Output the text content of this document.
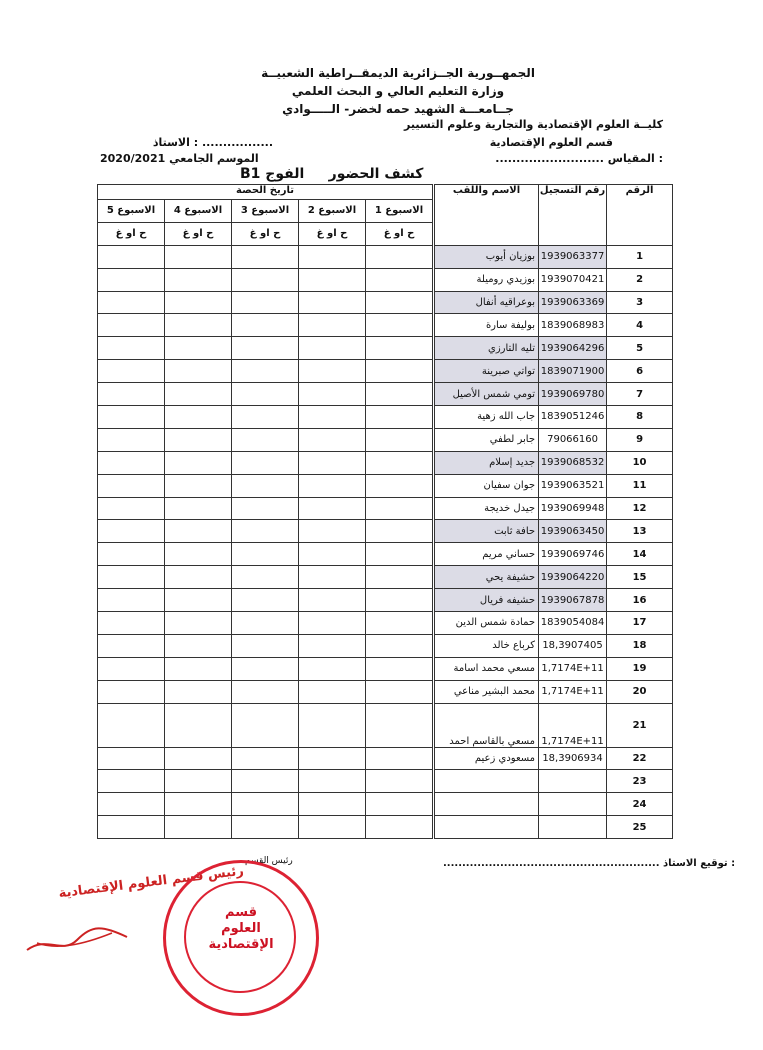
الجمهــورية الجــزائرية الديمقــراطية الشعبيــة
وزارة التعليم العالي و البحث العلمي
جــامعـــة الشهيد حمه لخضر- الـــــوادي
كليــة العلوم الإقتصادية والتجارية وعلوم التسيير
قسم العلوم الإقتصادية
الاستاذ : .................
.......................... المقياس :
الموسم الجامعي 2020/2021
كشف الحضور     الفوج B1
تاريخ الحصة						الاسم واللقب	رقم التسجيل	الرقم
الاسبوع 5	الاسبوع 4	الاسبوع 3	الاسبوع 2	الاسبوع 1				
ح او غ	ح او غ	ح او غ	ح او غ	ح او غ				
						بوزيان أيوب	1939063377	1
						بوزيدي روميلة	1939070421	2
						بوعراقيه أنفال	1939063369	3
						بوليفة سارة	1839068983	4
						تليه التارزي	1939064296	5
						تواتي صبرينة	1839071900	6
						تومي شمس الأصيل	1939069780	7
						جاب الله زهية	1839051246	8
						جابر لطفي	79066160	9
						جديد إسلام	1939068532	10
						جوان سفيان	1939063521	11
						جيدل خديجة	1939069948	12
						حافة ثابت	1939063450	13
						حساني مريم	1939069746	14
						حشيفة يحي	1939064220	15
						حشيفه فريال	1939067878	16
						حمادة شمس الدين	1839054084	17
						كرباع خالد	18,3907405	18
						مسعي محمد اسامة	1,7174E+11	19
						محمد البشير مناعي	1,7174E+11	20
						مسعي بالقاسم احمد	1,7174E+11	21
						مسعودي زعيم	18,3906934	22
								23
								24
								25
......................................................... توقيع الاستاذ :
رئيس القسم
رئيس قسم العلوم الإقتصادية
قسم
العلوم
الإقتصادية
